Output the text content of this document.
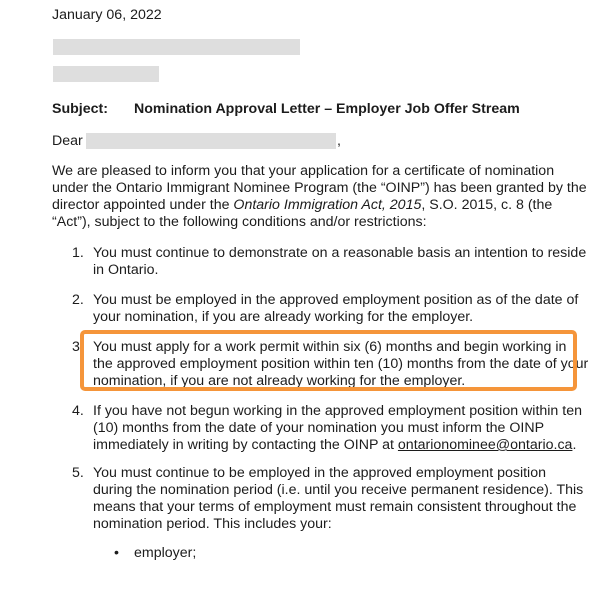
January 06, 2022
Subject: Nomination Approval Letter – Employer Job Offer Stream
Dear	,

We are pleased to inform you that your application for a certificate of nomination under the Ontario Immigrant Nominee Program (the “OINP”) has been granted by the director appointed under the Ontario Immigration Act, 2015, S.O. 2015, c. 8 (the “Act”), subject to the following conditions and/or restrictions:

1. You must continue to demonstrate on a reasonable basis an intention to reside in Ontario.
2. You must be employed in the approved employment position as of the date of your nomination, if you are already working for the employer.
3. You must apply for a work permit within six (6) months and begin working in the approved employment position within ten (10) months from the date of your nomination, if you are not already working for the employer.
4. If you have not begun working in the approved employment position within ten (10) months from the date of your nomination you must inform the OINP immediately in writing by contacting the OINP at ontarionominee@ontario.ca.
5. You must continue to be employed in the approved employment position during the nomination period (i.e. until you receive permanent residence). This means that your terms of employment must remain consistent throughout the nomination period. This includes your:
• employer;
